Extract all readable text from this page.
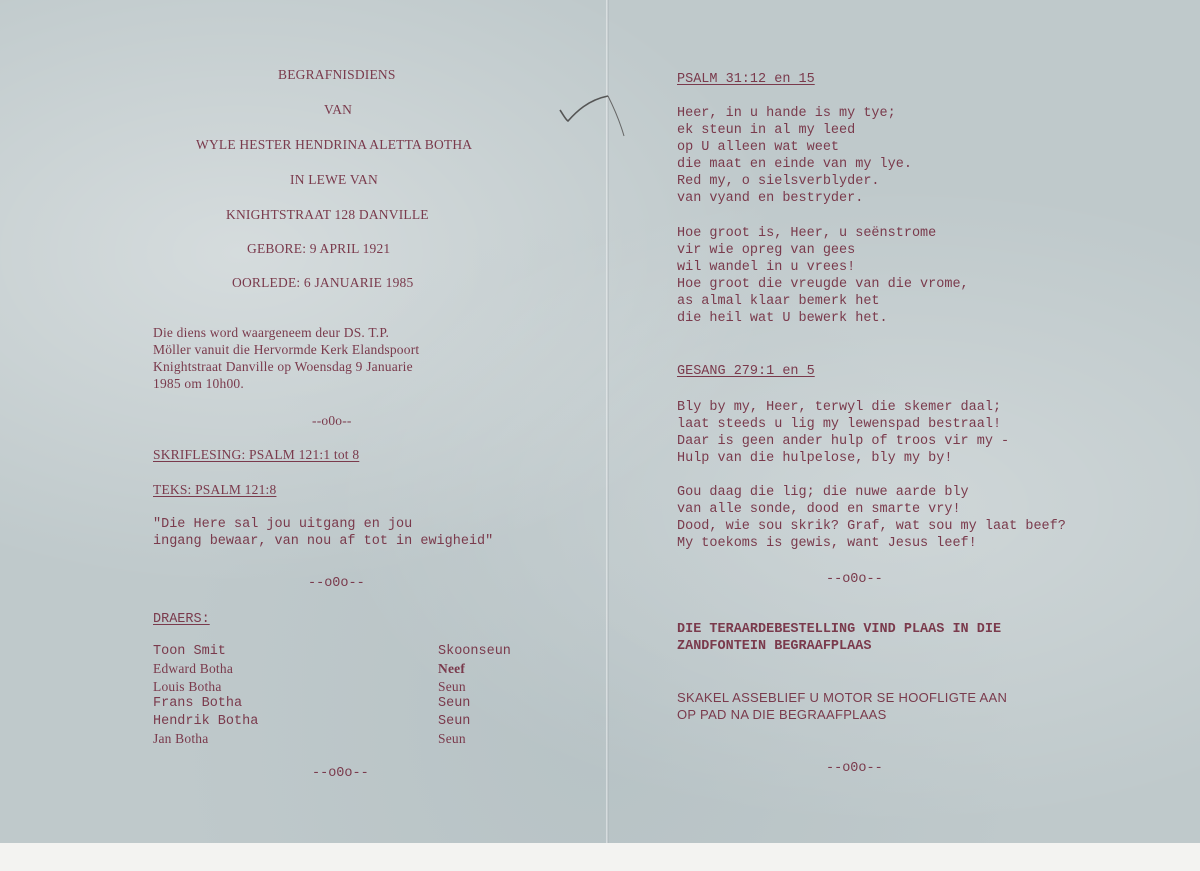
BEGRAFNISDIENS
VAN
WYLE HESTER HENDRINA ALETTA BOTHA
IN LEWE VAN
KNIGHTSTRAAT 128 DANVILLE
GEBORE: 9 APRIL 1921
OORLEDE: 6 JANUARIE 1985
Die diens word waargeneem deur DS. T.P.
Möller vanuit die Hervormde Kerk Elandspoort
Knightstraat Danville op Woensdag 9 Januarie
1985 om 10h00.
--o0o--
SKRIFLESING: PSALM 121:1 tot 8
TEKS: PSALM 121:8
"Die Here sal jou uitgang en jou
ingang bewaar, van nou af tot in ewigheid"
--o0o--
DRAERS:
Toon Smit	Skoonseun
Edward Botha	Neef
Louis Botha	Seun
Frans Botha	Seun
Hendrik Botha	Seun
Jan Botha	Seun
--o0o--
PSALM 31:12 en 15
Heer, in u hande is my tye;
ek steun in al my leed
op U alleen wat weet
die maat en einde van my lye.
Red my, o sielsverblyder.
van vyand en bestryder.
Hoe groot is, Heer, u seënstrome
vir wie opreg van gees
wil wandel in u vrees!
Hoe groot die vreugde van die vrome,
as almal klaar bemerk het
die heil wat U bewerk het.
GESANG 279:1 en 5
Bly by my, Heer, terwyl die skemer daal;
laat steeds u lig my lewenspad bestraal!
Daar is geen ander hulp of troos vir my -
Hulp van die hulpelose, bly my by!
Gou daag die lig; die nuwe aarde bly
van alle sonde, dood en smarte vry!
Dood, wie sou skrik? Graf, wat sou my laat beef?
My toekoms is gewis, want Jesus leef!
--o0o--
DIE TERAARDEBESTELLING VIND PLAAS IN DIE
ZANDFONTEIN BEGRAAFPLAAS
SKAKEL ASSEBLIEF U MOTOR SE HOOFLIGTE AAN
OP PAD NA DIE BEGRAAFPLAAS
--o0o--
